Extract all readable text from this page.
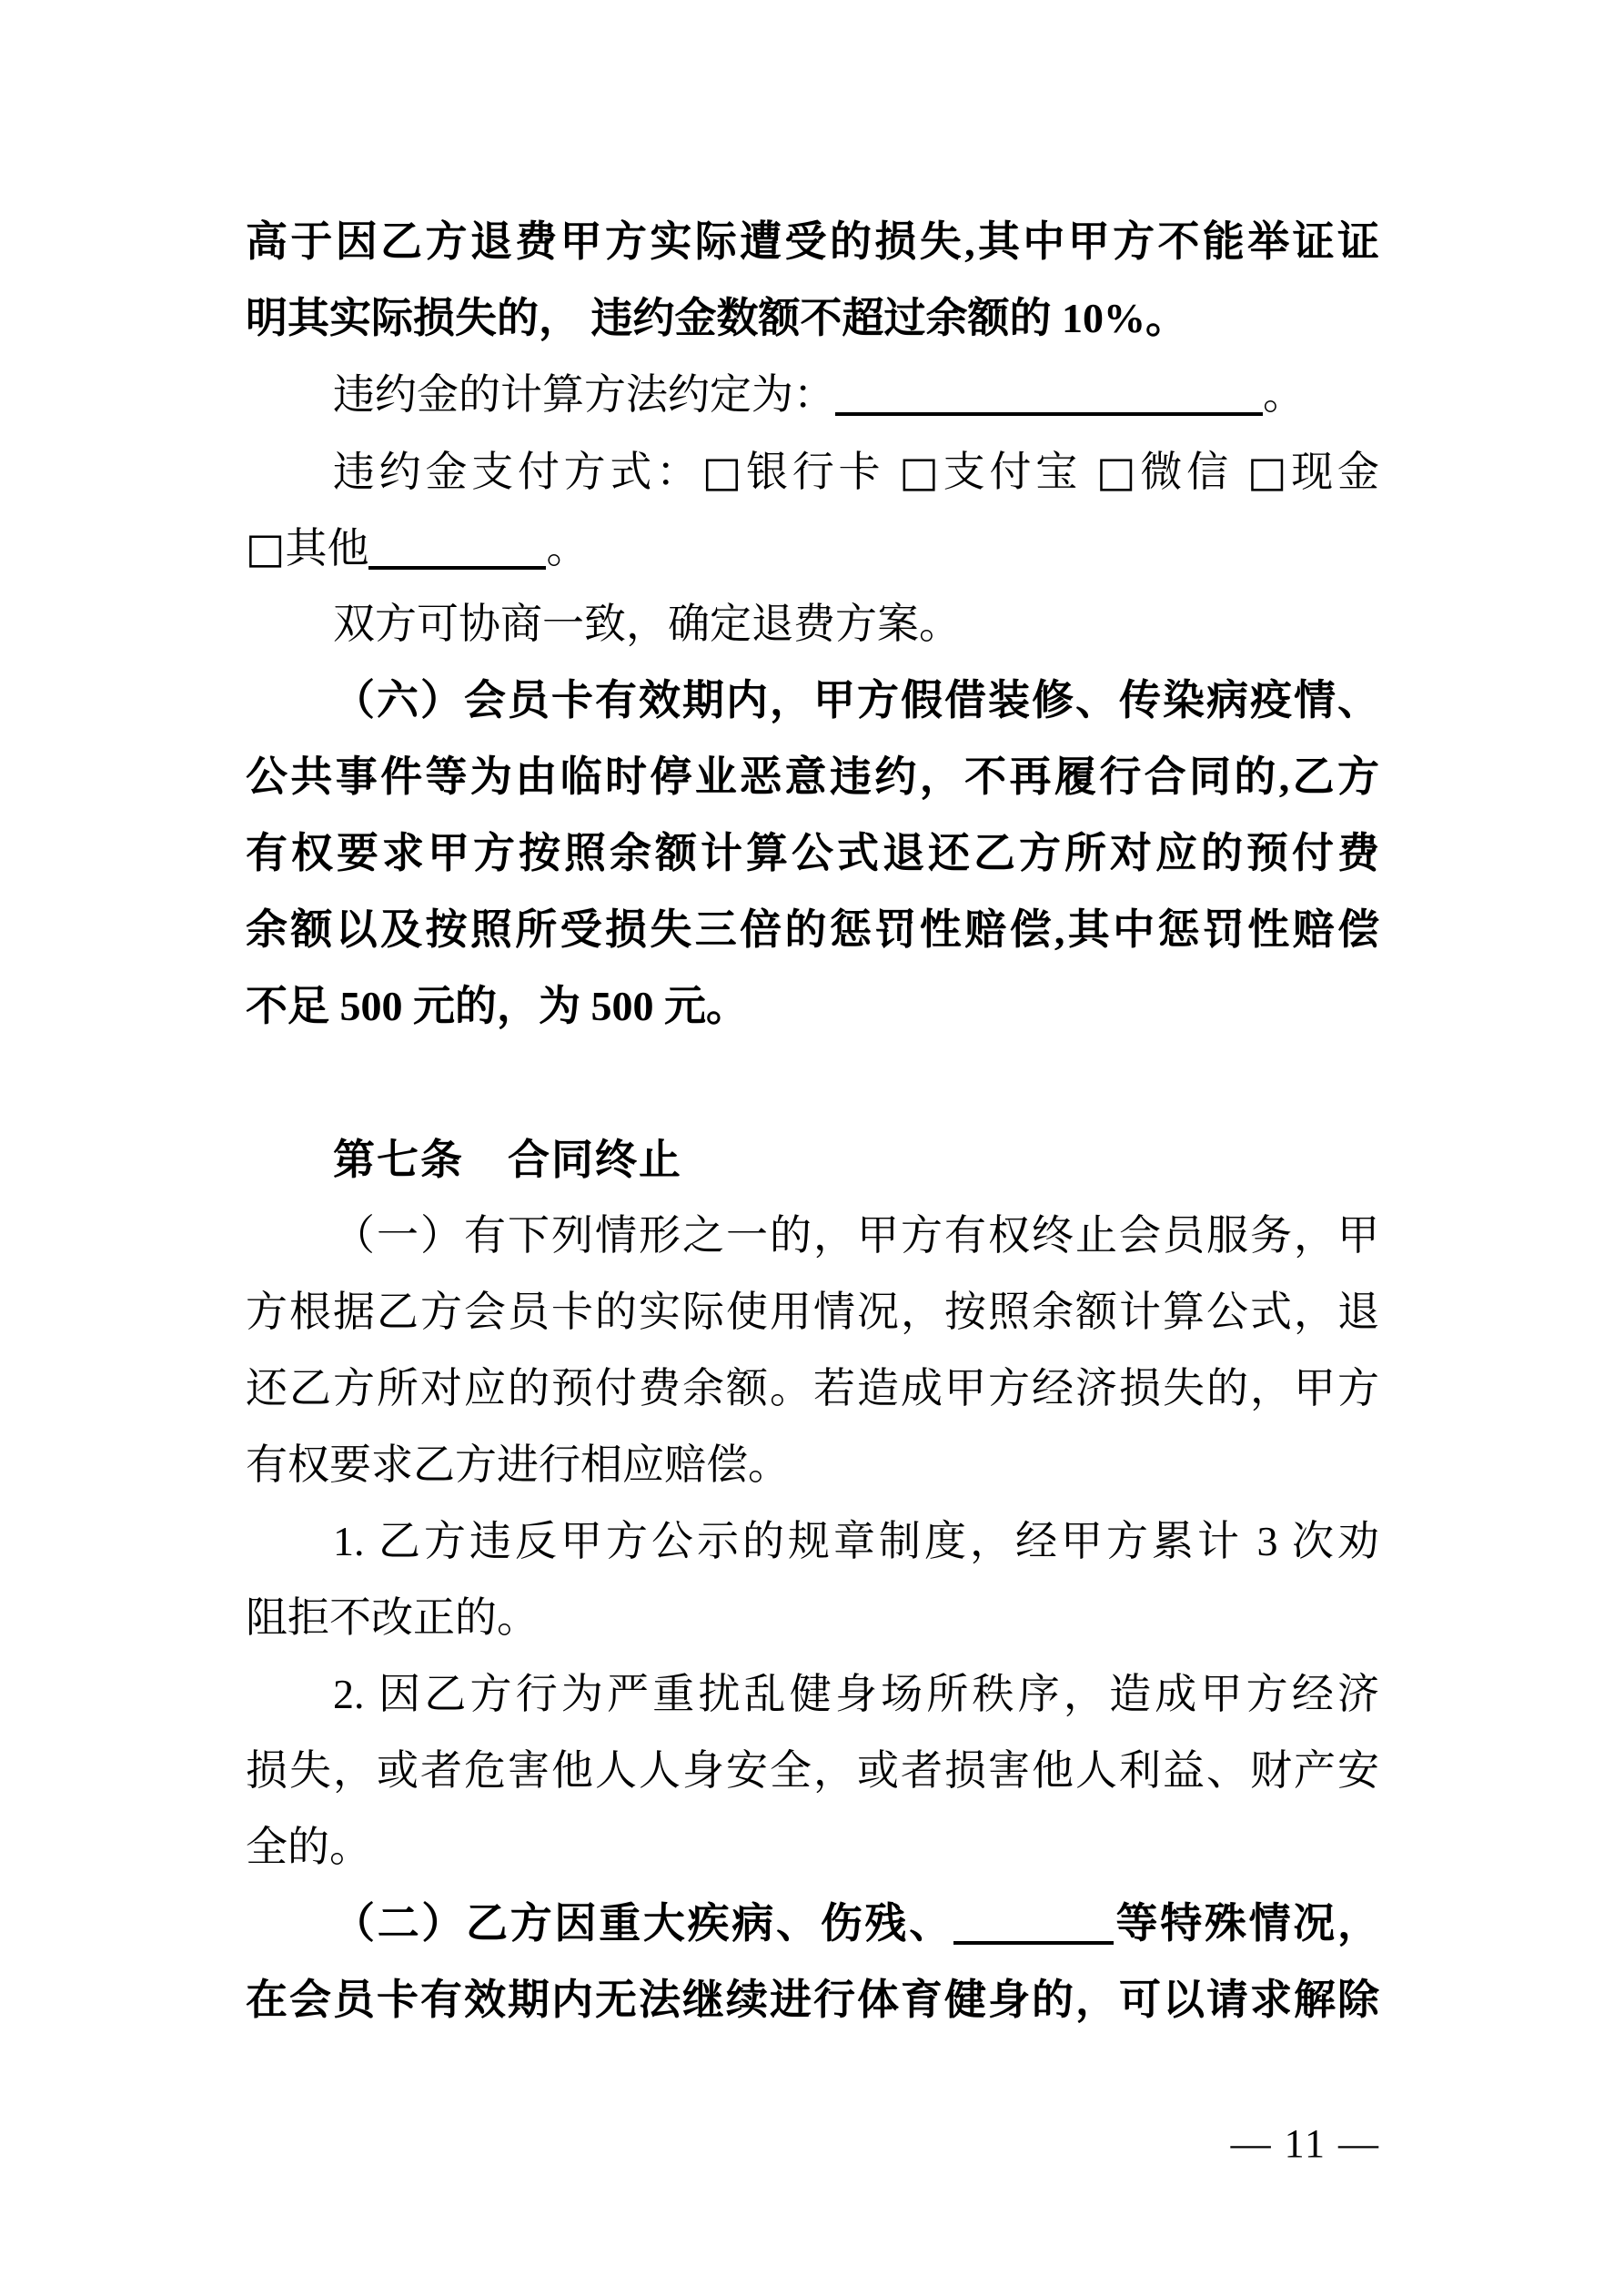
高于因乙方退费甲方实际遭受的损失,其中甲方不能举证证
明其实际损失的， 违约金数额不超过余额的 10%。
违约金的计算方法约定为：	。
违约金支付方式：□银行卡 □支付宝 □微信 □现金
□其他	。
双方可协商一致，确定退费方案。
（六）会员卡有效期内，甲方假借装修、传染病疫情、
公共事件等为由临时停业恶意违约，不再履行合同的,乙方
有权要求甲方按照余额计算公式退还乙方所对应的预付费
余额以及按照所受损失三倍的惩罚性赔偿,其中惩罚性赔偿
不足 500 元的，为 500 元。
第七条　合同终止
（一）有下列情形之一的，甲方有权终止会员服务，甲
方根据乙方会员卡的实际使用情况，按照余额计算公式，退
还乙方所对应的预付费余额。若造成甲方经济损失的，甲方
有权要求乙方进行相应赔偿。
1. 乙方违反甲方公示的规章制度，经甲方累计 3 次劝
阻拒不改正的。
2. 因乙方行为严重扰乱健身场所秩序，造成甲方经济
损失，或者危害他人人身安全，或者损害他人利益、财产安
全的。
（二）乙方因重大疾病、伤残、	等特殊情况，
在会员卡有效期内无法继续进行体育健身的，可以请求解除
— 11 —
